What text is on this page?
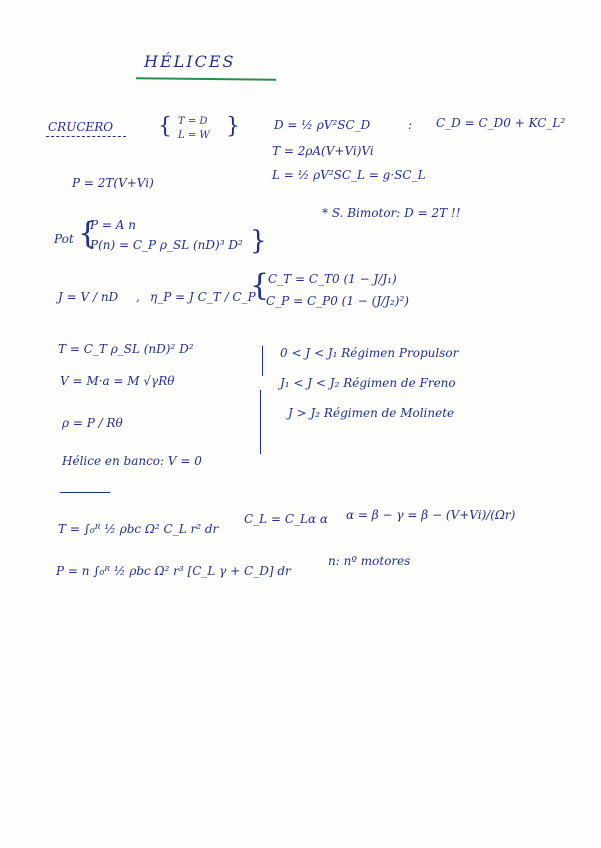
HÉLICES
CRUCERO { T = D
L = W }	D = ½ ρV²SC_D	: C_D = C_D0 + KC_L²
T = 2ρA(V+Vi)Vi
L = ½ ρV²SC_L = g·SC_L
P = 2T(V+Vi)
* S. Bimotor: D = 2T !!
Pot {
P = A n
P(n) = C_P ρ_SL (nD)³ D² }
J = V / nD , η_P = J C_T / C_P
{
C_T = C_T0 (1 − J/J₁)
C_P = C_P0 (1 − (J/J₂)²)
T = C_T ρ_SL (nD)² D²
V = M·a = M √γRθ
ρ = P / Rθ
Hélice en banco: V = 0
0 < J < J₁ Régimen Propulsor
J₁ < J < J₂ Régimen de Freno
J > J₂ Régimen de Molinete
T = ∫₀ᴿ ½ ρbc Ω² C_L r² dr
C_L = C_Lα α α = β − γ = β − (V+Vi)/(Ωr)
P = n ∫₀ᴿ ½ ρbc Ω² r³ [C_L γ + C_D] dr
n: nº motores
